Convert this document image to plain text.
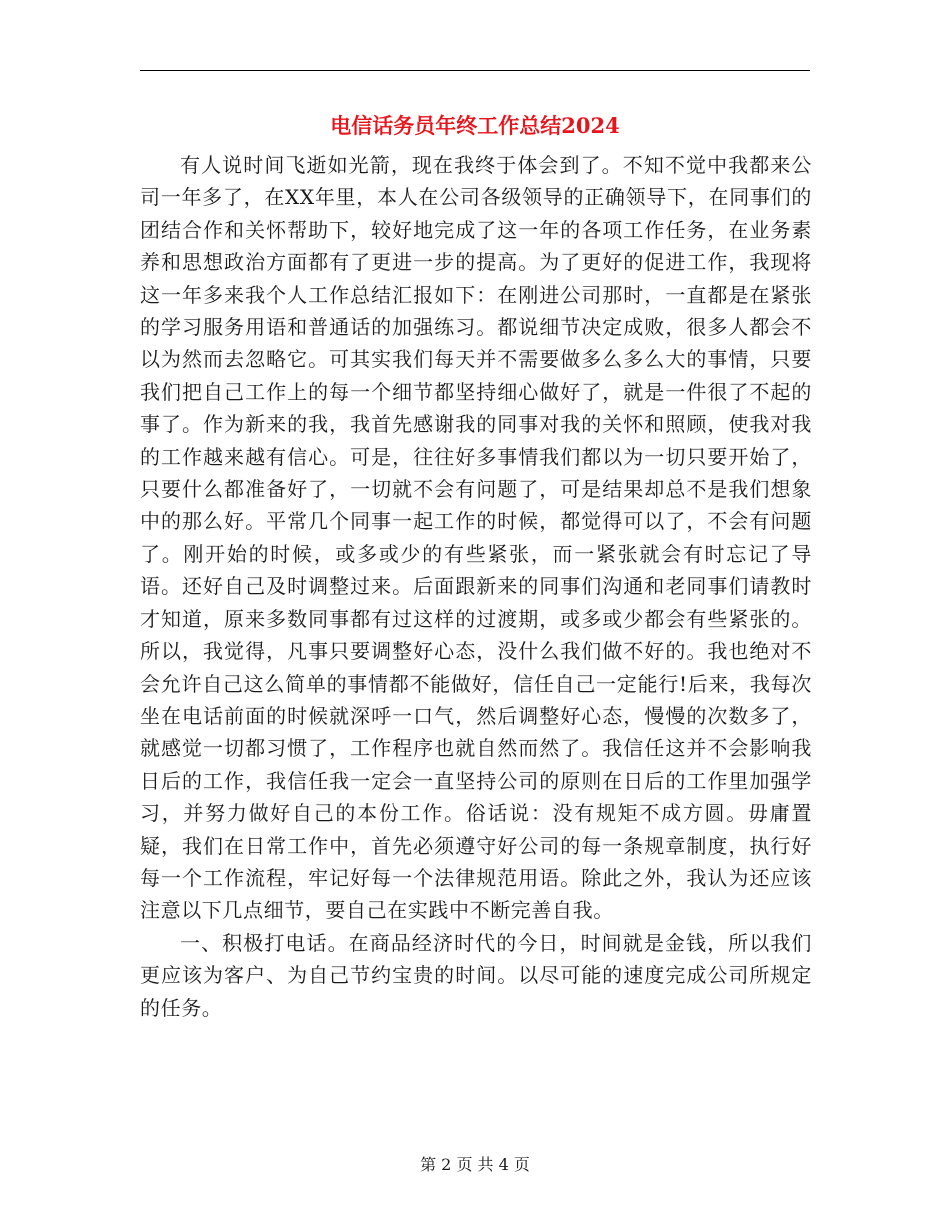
电信话务员年终工作总结2024

有人说时间飞逝如光箭，现在我终于体会到了。不知不觉中我都来公司一年多了，在XX年里，本人在公司各级领导的正确领导下，在同事们的团结合作和关怀帮助下，较好地完成了这一年的各项工作任务，在业务素养和思想政治方面都有了更进一步的提高。为了更好的促进工作，我现将这一年多来我个人工作总结汇报如下：在刚进公司那时，一直都是在紧张的学习服务用语和普通话的加强练习。都说细节决定成败，很多人都会不以为然而去忽略它。可其实我们每天并不需要做多么多么大的事情，只要我们把自己工作上的每一个细节都坚持细心做好了，就是一件很了不起的事了。作为新来的我，我首先感谢我的同事对我的关怀和照顾，使我对我的工作越来越有信心。可是，往往好多事情我们都以为一切只要开始了，只要什么都准备好了，一切就不会有问题了，可是结果却总不是我们想象中的那么好。平常几个同事一起工作的时候，都觉得可以了，不会有问题了。刚开始的时候，或多或少的有些紧张，而一紧张就会有时忘记了导语。还好自己及时调整过来。后面跟新来的同事们沟通和老同事们请教时才知道，原来多数同事都有过这样的过渡期，或多或少都会有些紧张的。所以，我觉得，凡事只要调整好心态，没什么我们做不好的。我也绝对不会允许自己这么简单的事情都不能做好，信任自己一定能行!后来，我每次坐在电话前面的时候就深呼一口气，然后调整好心态，慢慢的次数多了，就感觉一切都习惯了，工作程序也就自然而然了。我信任这并不会影响我日后的工作，我信任我一定会一直坚持公司的原则在日后的工作里加强学习，并努力做好自己的本份工作。俗话说：没有规矩不成方圆。毋庸置疑，我们在日常工作中，首先必须遵守好公司的每一条规章制度，执行好每一个工作流程，牢记好每一个法律规范用语。除此之外，我认为还应该注意以下几点细节，要自己在实践中不断完善自我。

一、积极打电话。在商品经济时代的今日，时间就是金钱，所以我们更应该为客户、为自己节约宝贵的时间。以尽可能的速度完成公司所规定的任务。

第 2 页 共 4 页
